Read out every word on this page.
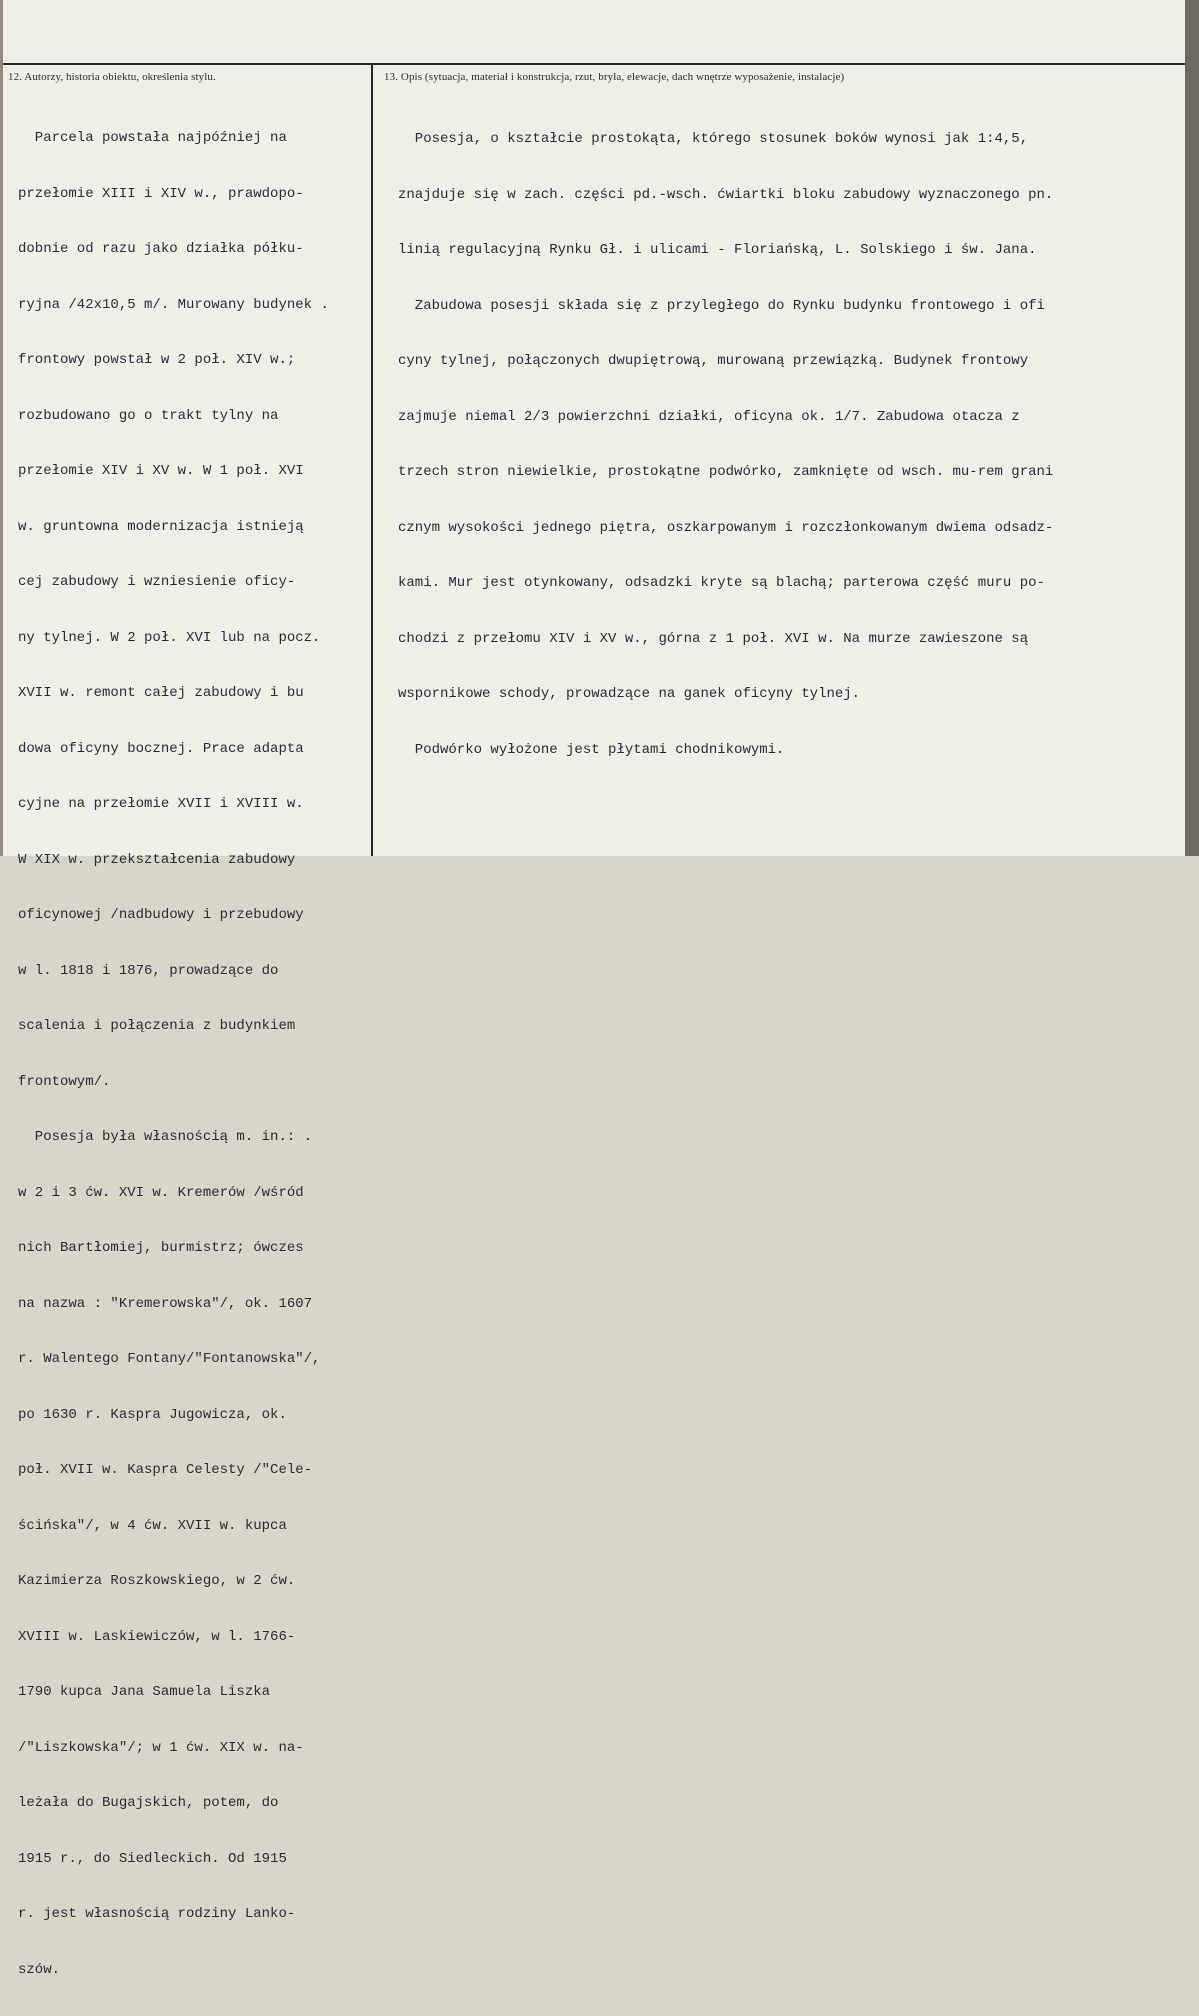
12. Autorzy, historia obiektu, określenia stylu.	13. Opis (sytuacja, materiał i konstrukcja, rzut, bryła, elewacje, dach wnętrze wyposażenie, instalacje)

Parcela powstała najpóźniej na

przełomie XIII i XIV w., prawdopo-

dobnie od razu jako działka półku-

ryjna /42x10,5 m/. Murowany budynek .

frontowy powstał w 2 poł. XIV w.;

rozbudowano go o trakt tylny na

przełomie XIV i XV w. W 1 poł. XVI

w. gruntowna modernizacja istnieją

cej zabudowy i wzniesienie oficy-

ny tylnej. W 2 poł. XVI lub na pocz.

XVII w. remont całej zabudowy i bu

dowa oficyny bocznej. Prace adapta

cyjne na przełomie XVII i XVIII w.

W XIX w. przekształcenia zabudowy

oficynowej /nadbudowy i przebudowy

w l. 1818 i 1876, prowadzące do

scalenia i połączenia z budynkiem

frontowym/.

Posesja była własnością m. in.: .

w 2 i 3 ćw. XVI w. Kremerów /wśród

nich Bartłomiej, burmistrz; ówczes

na nazwa : "Kremerowska"/, ok. 1607

r. Walentego Fontany/"Fontanowska"/,

po 1630 r. Kaspra Jugowicza, ok.

poł. XVII w. Kaspra Celesty /"Cele-

ścińska"/, w 4 ćw. XVII w. kupca

Kazimierza Roszkowskiego, w 2 ćw.

XVIII w. Laskiewiczów, w l. 1766-

1790 kupca Jana Samuela Liszka

/"Liszkowska"/; w 1 ćw. XIX w. na-

leżała do Bugajskich, potem, do

1915 r., do Siedleckich. Od 1915

r. jest własnością rodziny Lanko-

szów.

Posesja, o kształcie prostokąta, którego stosunek boków wynosi jak 1:4,5,

znajduje się w zach. części pd.-wsch. ćwiartki bloku zabudowy wyznaczonego pn.

linią regulacyjną Rynku Gł. i ulicami - Floriańską, L. Solskiego i św. Jana.

Zabudowa posesji składa się z przyległego do Rynku budynku frontowego i ofi

cyny tylnej, połączonych dwupiętrową, murowaną przewiązką. Budynek frontowy

zajmuje niemal 2/3 powierzchni działki, oficyna ok. 1/7. Zabudowa otacza z

trzech stron niewielkie, prostokątne podwórko, zamknięte od wsch. mu-rem grani

cznym wysokości jednego piętra, oszkarpowanym i rozczłonkowanym dwiema odsadz-

kami. Mur jest otynkowany, odsadzki kryte są blachą; parterowa część muru po-

chodzi z przełomu XIV i XV w., górna z 1 poł. XVI w. Na murze zawieszone są

wspornikowe schody, prowadzące na ganek oficyny tylnej.

Podwórko wyłożone jest płytami chodnikowymi.
